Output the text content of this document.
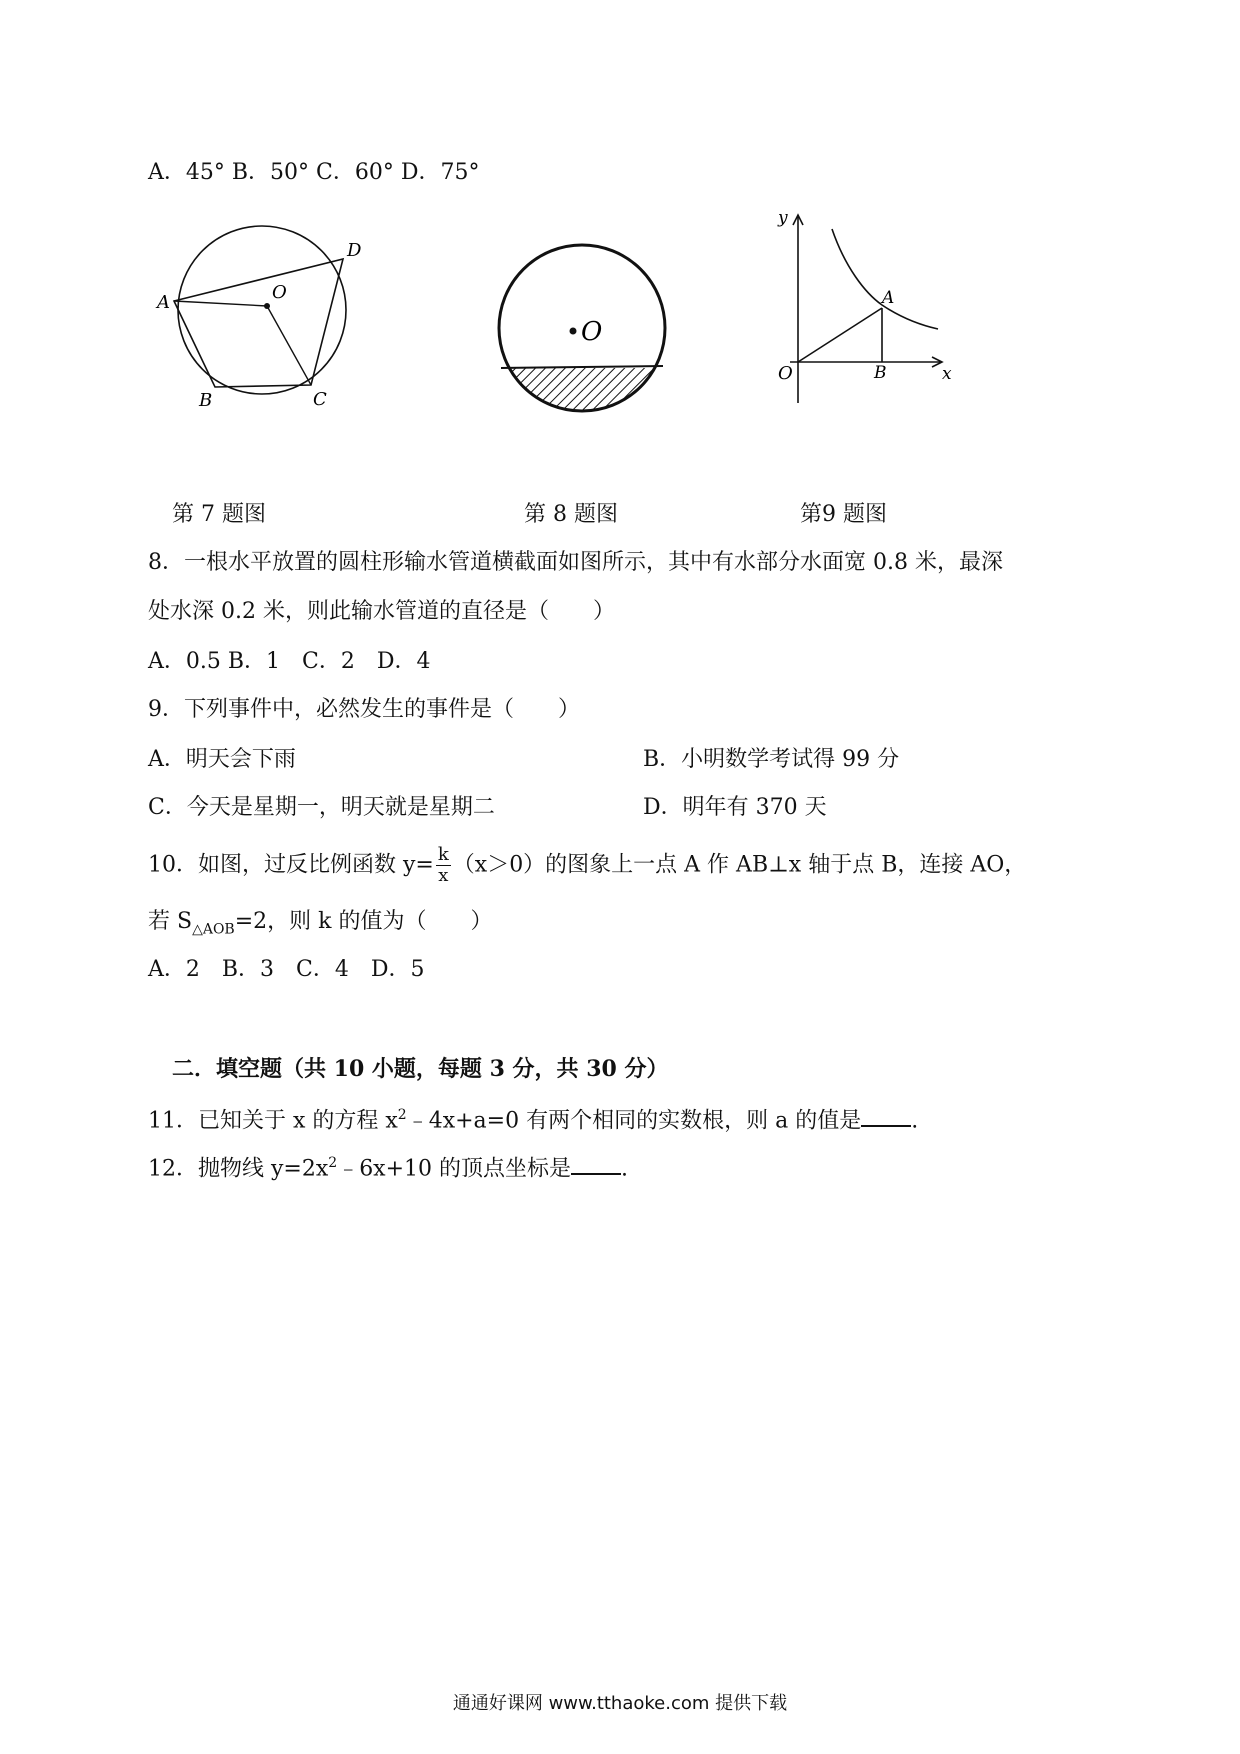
A．45° B．50° C．60° D．75°
A	O
D
B	C
O
y
A
O	B	x
第 7 题图	第 8 题图	第9 题图
8．一根水平放置的圆柱形输水管道横截面如图所示，其中有水部分水面宽 0.8 米，最深
处水深 0.2 米，则此输水管道的直径是（　　）
A．0.5 B．1　C．2　D．4
9．下列事件中，必然发生的事件是（　　）
A．明天会下雨	B．小明数学考试得 99 分
C．今天是星期一，明天就是星期二	D．明年有 370 天
10．如图，过反比例函数 $y= \frac{k}{x} (x>0)$的图象上一点 A 作 AB⊥x 轴于点 B，连接 AO，
若 $S_{\triangle AOB}=2$，则 k 的值为（　　）
A．2　B．3　C．4　D．5
二．填空题（共 10 小题，每题 3 分，共 30 分）
11．已知关于 x 的方程 $x^2﹣4x+a=0$ 有两个相同的实数根，则 a 的值是 .
12．抛物线 $y=2x^2﹣6x+10$ 的顶点坐标是 .
通通好课网 www.tthaoke.com 提供下载
